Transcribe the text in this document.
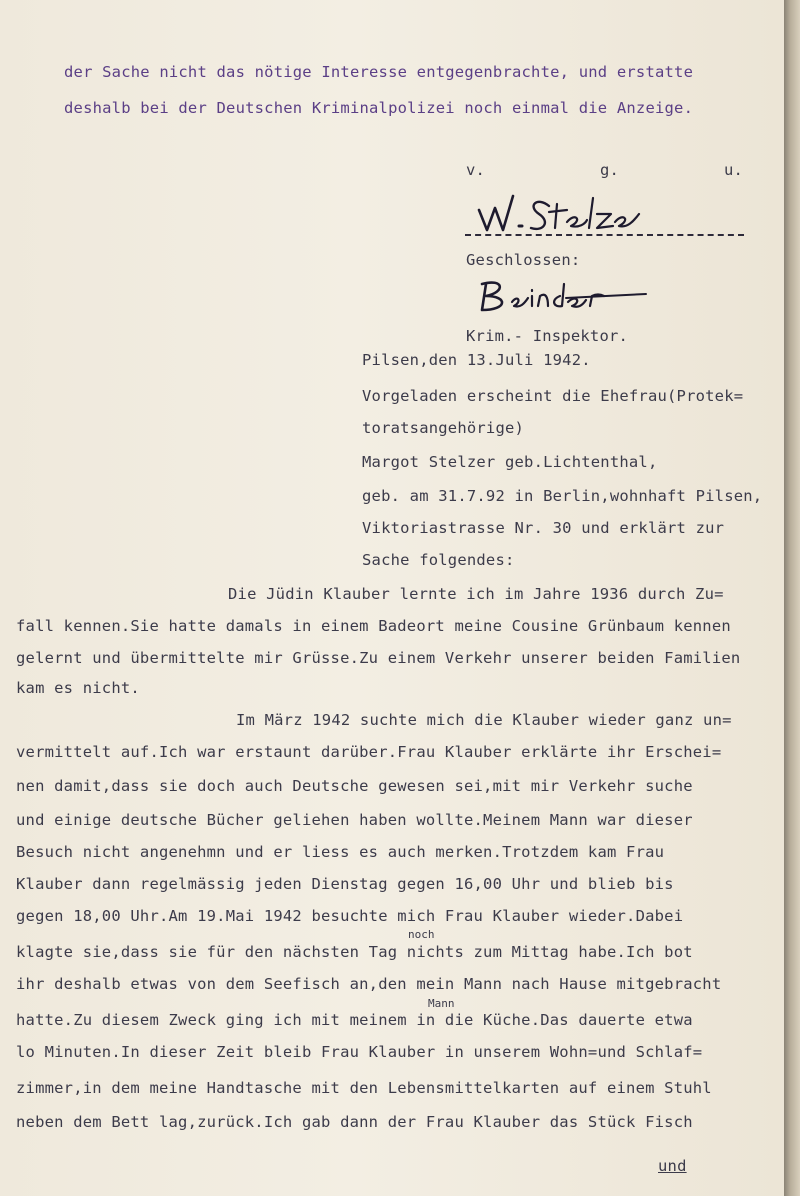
der Sache nicht das nötige Interesse entgegenbrachte, und erstatte
deshalb bei der Deutschen Kriminalpolizei noch einmal die Anzeige.
v.	g.	u.
Geschlossen:
Krim.- Inspektor.
Pilsen,den 13.Juli 1942.
Vorgeladen erscheint die Ehefrau(Protek=
toratsangehörige)
Margot Stelzer geb.Lichtenthal,
geb. am 31.7.92 in Berlin,wohnhaft Pilsen,
Viktoriastrasse Nr. 30 und erklärt zur
Sache folgendes:
Die Jüdin Klauber lernte ich im Jahre 1936 durch Zu=
fall kennen.Sie hatte damals in einem Badeort meine Cousine Grünbaum kennen
gelernt und übermittelte mir Grüsse.Zu einem Verkehr unserer beiden Familien
kam es nicht.
Im März 1942 suchte mich die Klauber wieder ganz un=
vermittelt auf.Ich war erstaunt darüber.Frau Klauber erklärte ihr Erschei=
nen damit,dass sie doch auch Deutsche gewesen sei,mit mir Verkehr suche
und einige deutsche Bücher geliehen haben wollte.Meinem Mann war dieser
Besuch nicht angenehmn und er liess es auch merken.Trotzdem kam Frau
Klauber dann regelmässig jeden Dienstag gegen 16,00 Uhr und blieb bis
gegen 18,00 Uhr.Am 19.Mai 1942 besuchte mich Frau Klauber wieder.Dabei
klagte sie,dass sie für den nächsten Tag nichts zum Mittag habe.Ich bot
ihr deshalb etwas von dem Seefisch an,den mein Mann nach Hause mitgebracht
hatte.Zu diesem Zweck ging ich mit meinem in die Küche.Das dauerte etwa
lo Minuten.In dieser Zeit bleib Frau Klauber in unserem Wohn=und Schlaf=
zimmer,in dem meine Handtasche mit den Lebensmittelkarten auf einem Stuhl
neben dem Bett lag,zurück.Ich gab dann der Frau Klauber das Stück Fisch
noch
Mann
und
